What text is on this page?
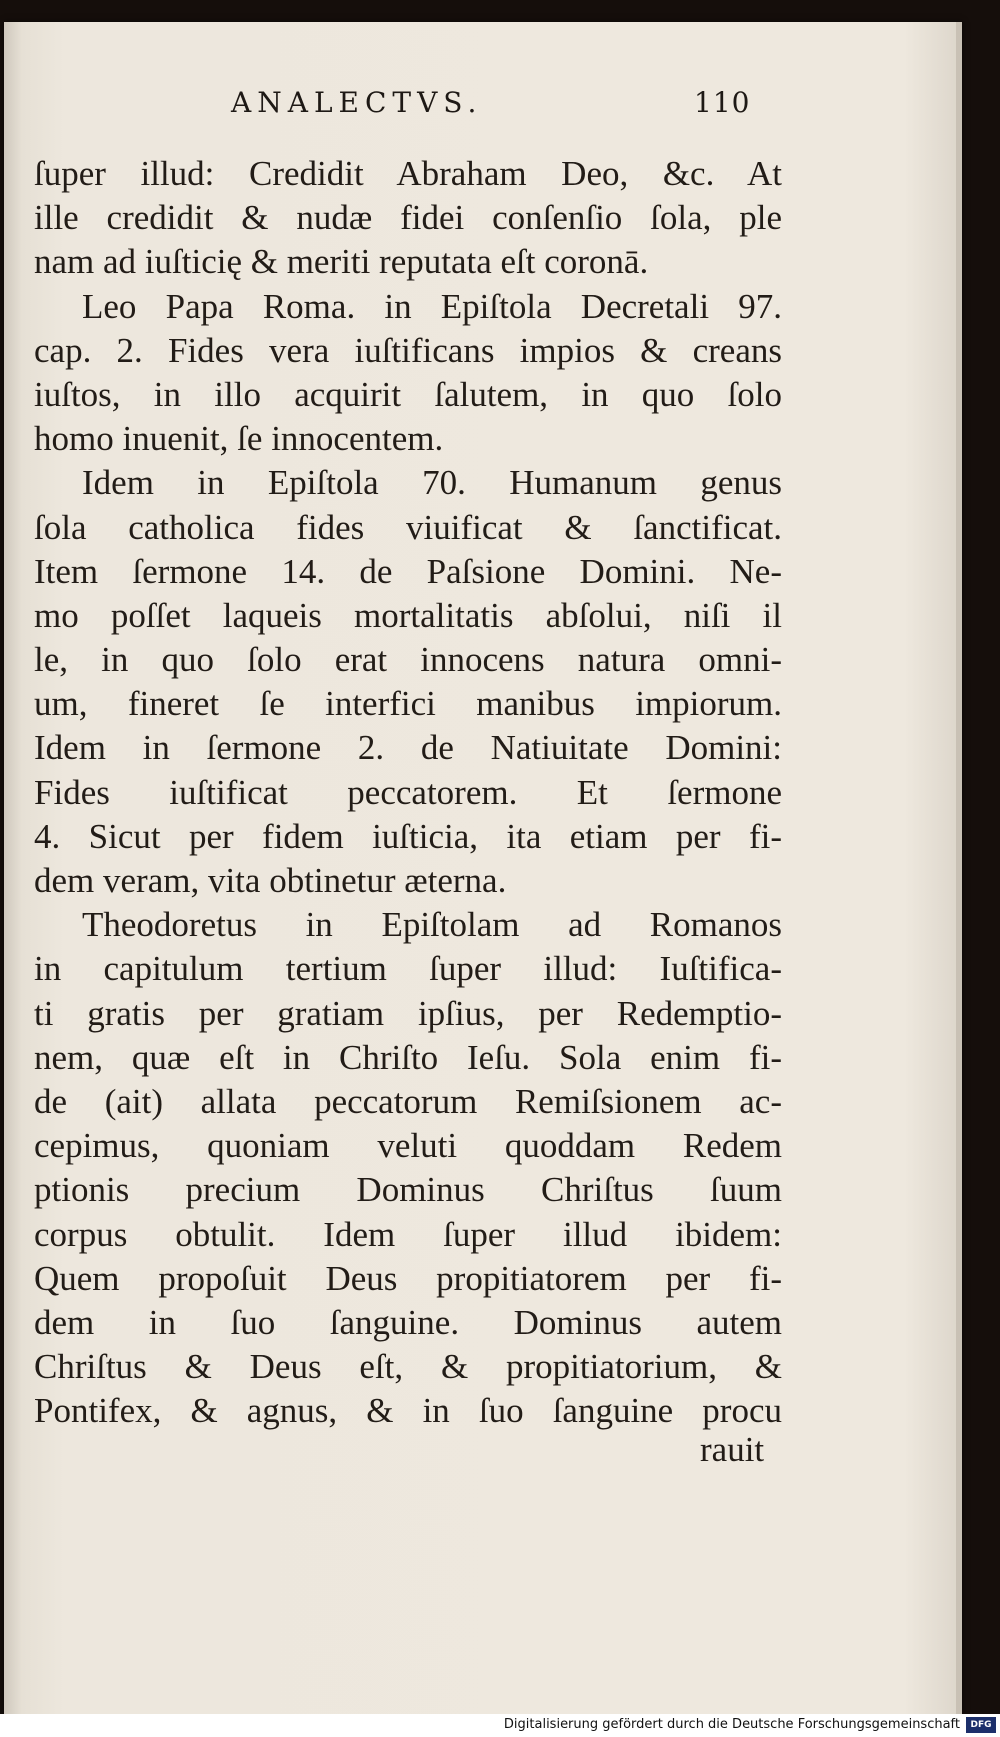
ANALECTVS.	110
ſuper illud: Credidit Abraham Deo, &c. At
ille credidit & nudæ fidei conſenſio ſola, ple
nam ad iuſticię & meriti reputata eſt coronā.
Leo Papa Roma. in Epiſtola Decretali 97.
cap. 2. Fides vera iuſtificans impios & creans
iuſtos, in illo acquirit ſalutem, in quo ſolo
homo inuenit, ſe innocentem.
Idem in Epiſtola 70. Humanum genus
ſola catholica fides viuificat & ſanctificat.
Item ſermone 14. de Paſsione Domini. Ne-
mo poſſet laqueis mortalitatis abſolui, niſi il
le, in quo ſolo erat innocens natura omni-
um, fineret ſe interfici manibus impiorum.
Idem in ſermone 2. de Natiuitate Domini:
Fides iuſtificat peccatorem. Et ſermone
4. Sicut per fidem iuſticia, ita etiam per fi-
dem veram, vita obtinetur æterna.
Theodoretus in Epiſtolam ad Romanos
in capitulum tertium ſuper illud: Iuſtifica-
ti gratis per gratiam ipſius, per Redemptio-
nem, quæ eſt in Chriſto Ieſu. Sola enim fi-
de (ait) allata peccatorum Remiſsionem ac-
cepimus, quoniam veluti quoddam Redem
ptionis precium Dominus Chriſtus ſuum
corpus obtulit. Idem ſuper illud ibidem:
Quem propoſuit Deus propitiatorem per fi-
dem in ſuo ſanguine. Dominus autem
Chriſtus & Deus eſt, & propitiatorium, &
Pontifex, & agnus, & in ſuo ſanguine procu
rauit
Digitalisierung gefördert durch die Deutsche Forschungsgemeinschaft	DFG
